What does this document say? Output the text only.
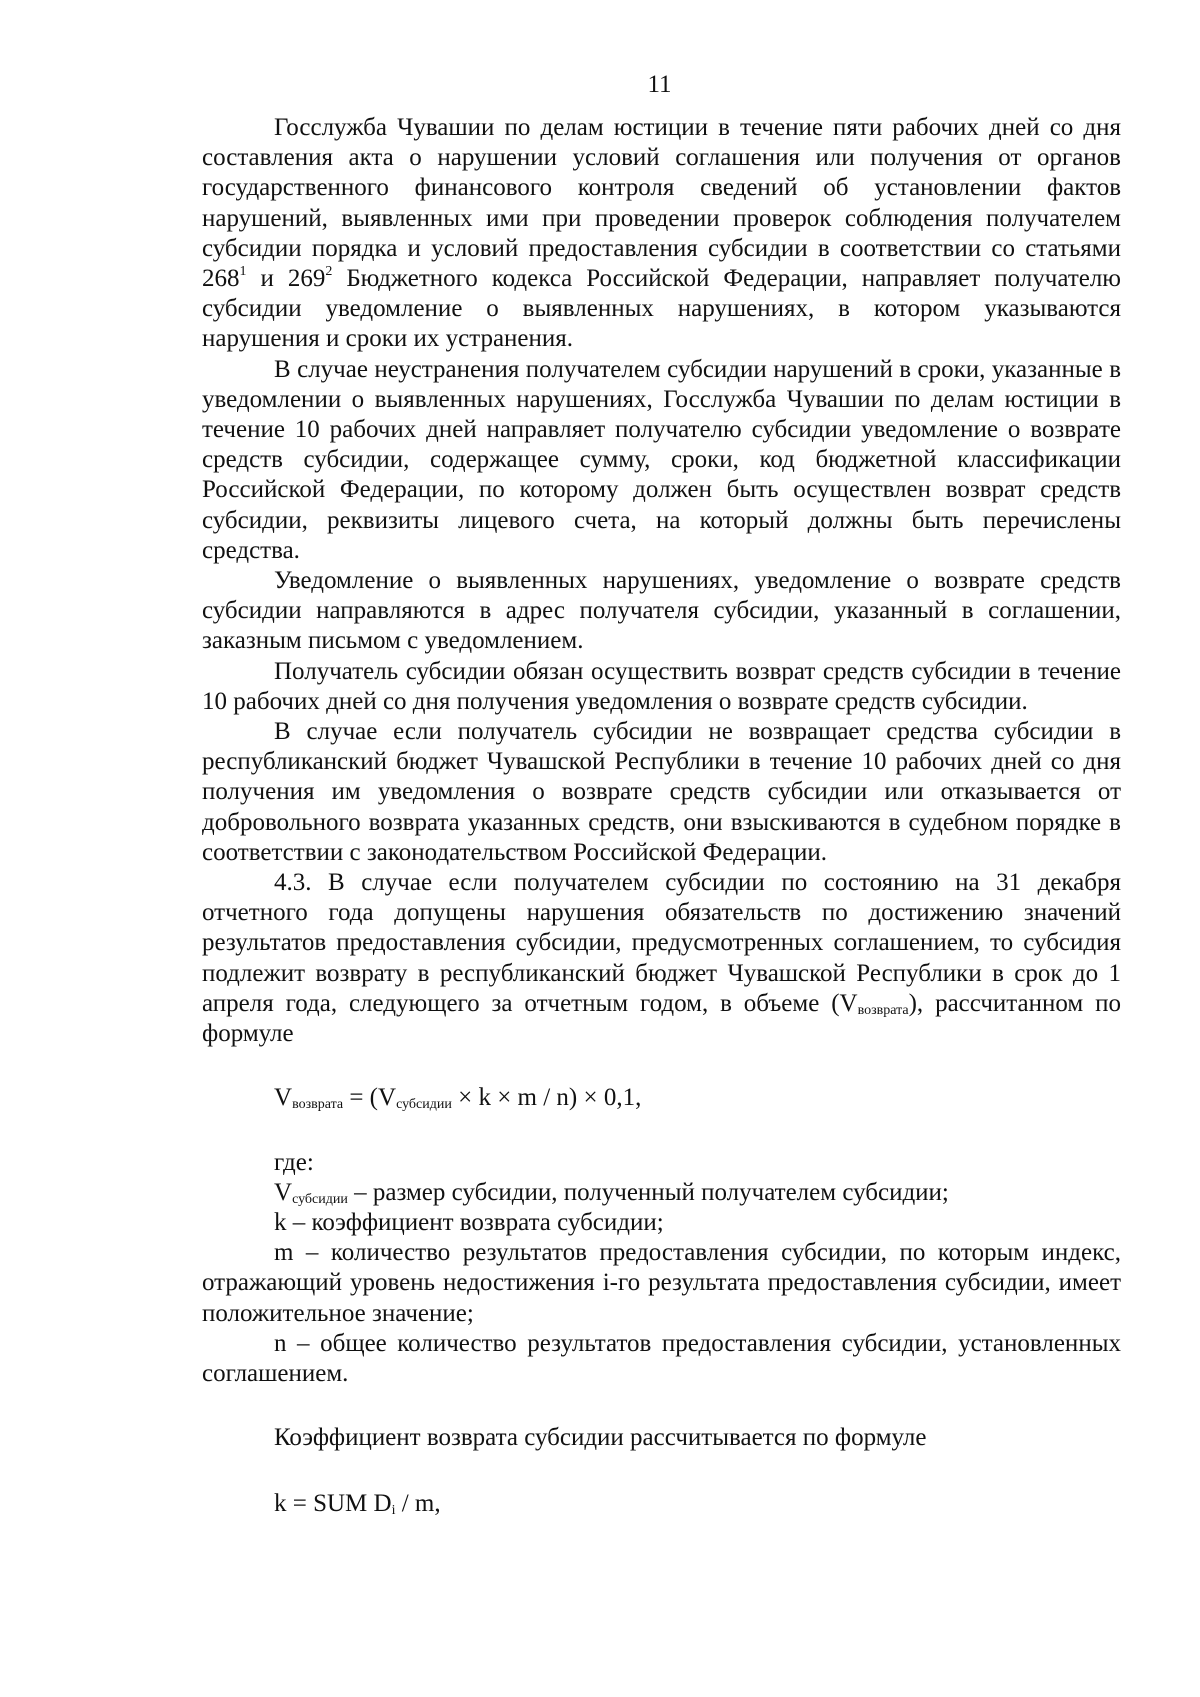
11

Госслужба Чувашии по делам юстиции в течение пяти рабочих дней со дня составления акта о нарушении условий соглашения или получения от органов государственного финансового контроля сведений об установлении фактов нарушений, выявленных ими при проведении проверок соблюдения получателем субсидии порядка и условий предоставления субсидии в соответствии со статьями $268^1$ и $269^2$ Бюджетного кодекса Российской Федерации, направляет получателю субсидии уведомление о выявленных нарушениях, в котором указываются нарушения и сроки их устранения.

В случае неустранения получателем субсидии нарушений в сроки, указанные в уведомлении о выявленных нарушениях, Госслужба Чувашии по делам юстиции в течение 10 рабочих дней направляет получателю субсидии уведомление о возврате средств субсидии, содержащее сумму, сроки, код бюджетной классификации Российской Федерации, по которому должен быть осуществлен возврат средств субсидии, реквизиты лицевого счета, на который должны быть перечислены средства.

Уведомление о выявленных нарушениях, уведомление о возврате средств субсидии направляются в адрес получателя субсидии, указанный в соглашении, заказным письмом с уведомлением.

Получатель субсидии обязан осуществить возврат средств субсидии в течение 10 рабочих дней со дня получения уведомления о возврате средств субсидии.

В случае если получатель субсидии не возвращает средства субсидии в республиканский бюджет Чувашской Республики в течение 10 рабочих дней со дня получения им уведомления о возврате средств субсидии или отказывается от добровольного возврата указанных средств, они взыскиваются в судебном порядке в соответствии с законодательством Российской Федерации.

4.3. В случае если получателем субсидии по состоянию на 31 декабря отчетного года допущены нарушения обязательств по достижению значений результатов предоставления субсидии, предусмотренных соглашением, то субсидия подлежит возврату в республиканский бюджет Чувашской Республики в срок до 1 апреля года, следующего за отчетным годом, в объеме $(V_{возврата})$, рассчитанном по формуле

$V_{возврата} = (V_{субсидии} \times k \times m / n) \times 0,1$,

где:

$V_{субсидии}$ – размер субсидии, полученный получателем субсидии;

k – коэффициент возврата субсидии;

m – количество результатов предоставления субсидии, по которым индекс, отражающий уровень недостижения i-го результата предоставления субсидии, имеет положительное значение;

n – общее количество результатов предоставления субсидии, установленных соглашением.

Коэффициент возврата субсидии рассчитывается по формуле

k = SUM $D_i$ / m,
